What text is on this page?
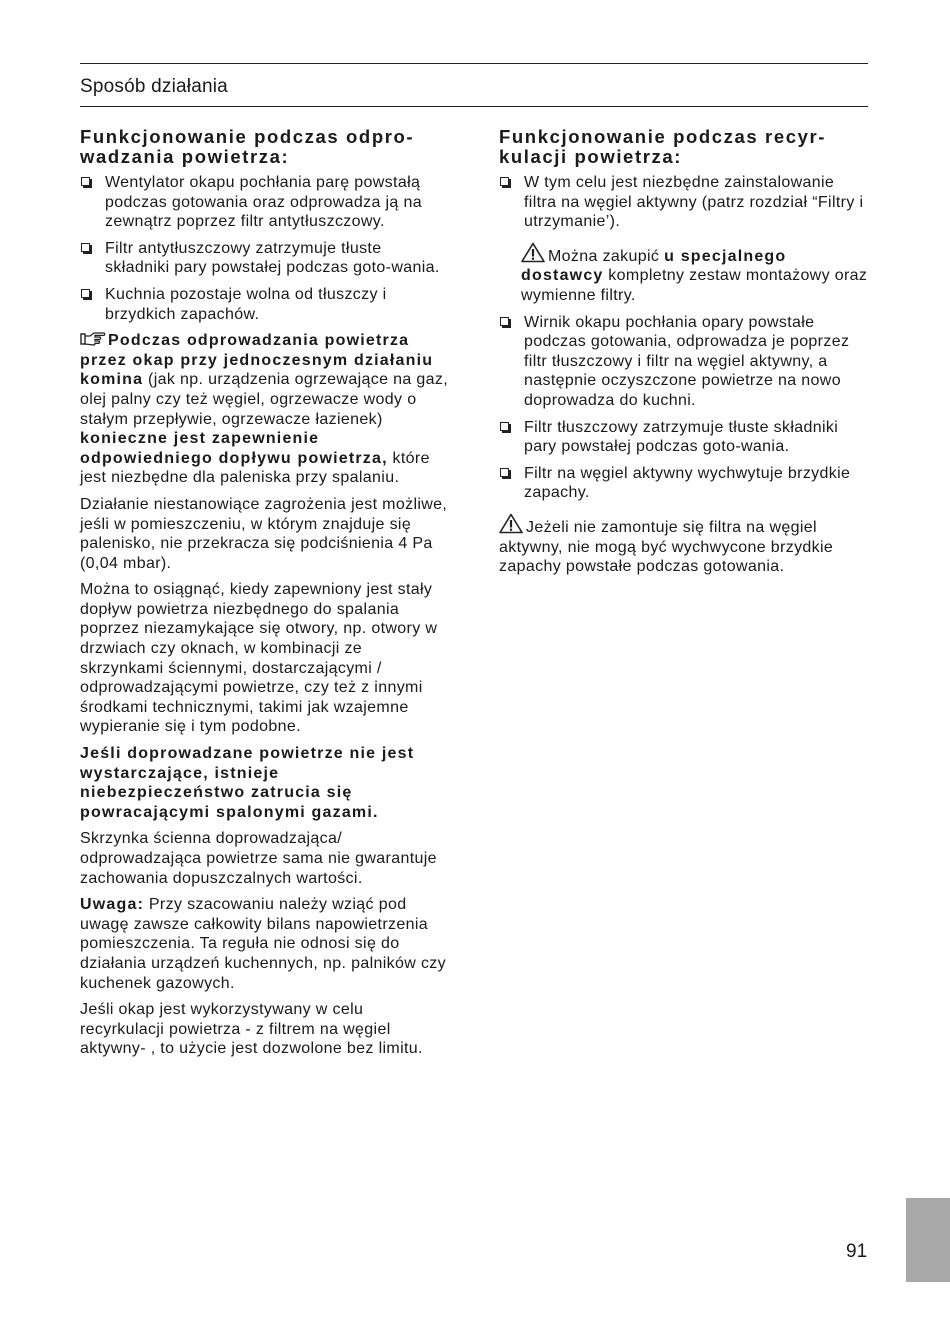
Sposób działania
Funkcjonowanie podczas odpro-wadzania powietrza:
Wentylator okapu pochłania parę powstałą podczas gotowania oraz odprowadza ją na zewnątrz poprzez filtr antytłuszczowy.
Filtr antytłuszczowy zatrzymuje tłuste składniki pary powstałej podczas goto-wania.
Kuchnia pozostaje wolna od tłuszczy i brzydkich zapachów.
Podczas odprowadzania powietrza przez okap przy jednoczesnym działaniu komina (jak np. urządzenia ogrzewające na gaz, olej palny czy też węgiel, ogrzewacze wody o stałym przepływie, ogrzewacze łazienek) konieczne jest zapewnienie odpowiedniego dopływu powietrza, które jest niezbędne dla paleniska przy spalaniu.
Działanie niestanowiące zagrożenia jest możliwe, jeśli w pomieszczeniu, w którym znajduje się palenisko, nie przekracza się podciśnienia 4 Pa (0,04 mbar).
Można to osiągnąć, kiedy zapewniony jest stały dopływ powietrza niezbędnego do spalania poprzez niezamykające się otwory, np. otwory w drzwiach czy oknach, w kombinacji ze skrzynkami ściennymi, dostarczającymi / odprowadzającymi powietrze, czy też z innymi środkami technicznymi, takimi jak wzajemne wypieranie się i tym podobne.
Jeśli doprowadzane powietrze nie jest wystarczające, istnieje niebezpieczeństwo zatrucia się powracającymi spalonymi gazami.
Skrzynka ścienna doprowadzająca/ odprowadzająca powietrze sama nie gwarantuje zachowania dopuszczalnych wartości.
Uwaga: Przy szacowaniu należy wziąć pod uwagę zawsze całkowity bilans napowietrzenia pomieszczenia. Ta reguła nie odnosi się do działania urządzeń kuchennych, np. palników czy kuchenek gazowych.
Jeśli okap jest wykorzystywany w celu recyrkulacji powietrza - z filtrem na węgiel aktywny- , to użycie jest dozwolone bez limitu.
Funkcjonowanie podczas recyr-kulacji powietrza:
W tym celu jest niezbędne zainstalowanie filtra na węgiel aktywny (patrz rozdział “Filtry i utrzymanie’).
Można zakupić u specjalnego dostawcy kompletny zestaw montażowy oraz wymienne filtry.
Wirnik okapu pochłania opary powstałe podczas gotowania, odprowadza je poprzez filtr tłuszczowy i filtr na węgiel aktywny, a następnie oczyszczone powietrze na nowo doprowadza do kuchni.
Filtr tłuszczowy zatrzymuje tłuste składniki pary powstałej podczas goto-wania.
Filtr na węgiel aktywny wychwytuje brzydkie zapachy.
Jeżeli nie zamontuje się filtra na węgiel aktywny, nie mogą być wychwycone brzydkie zapachy powstałe podczas gotowania.
91
